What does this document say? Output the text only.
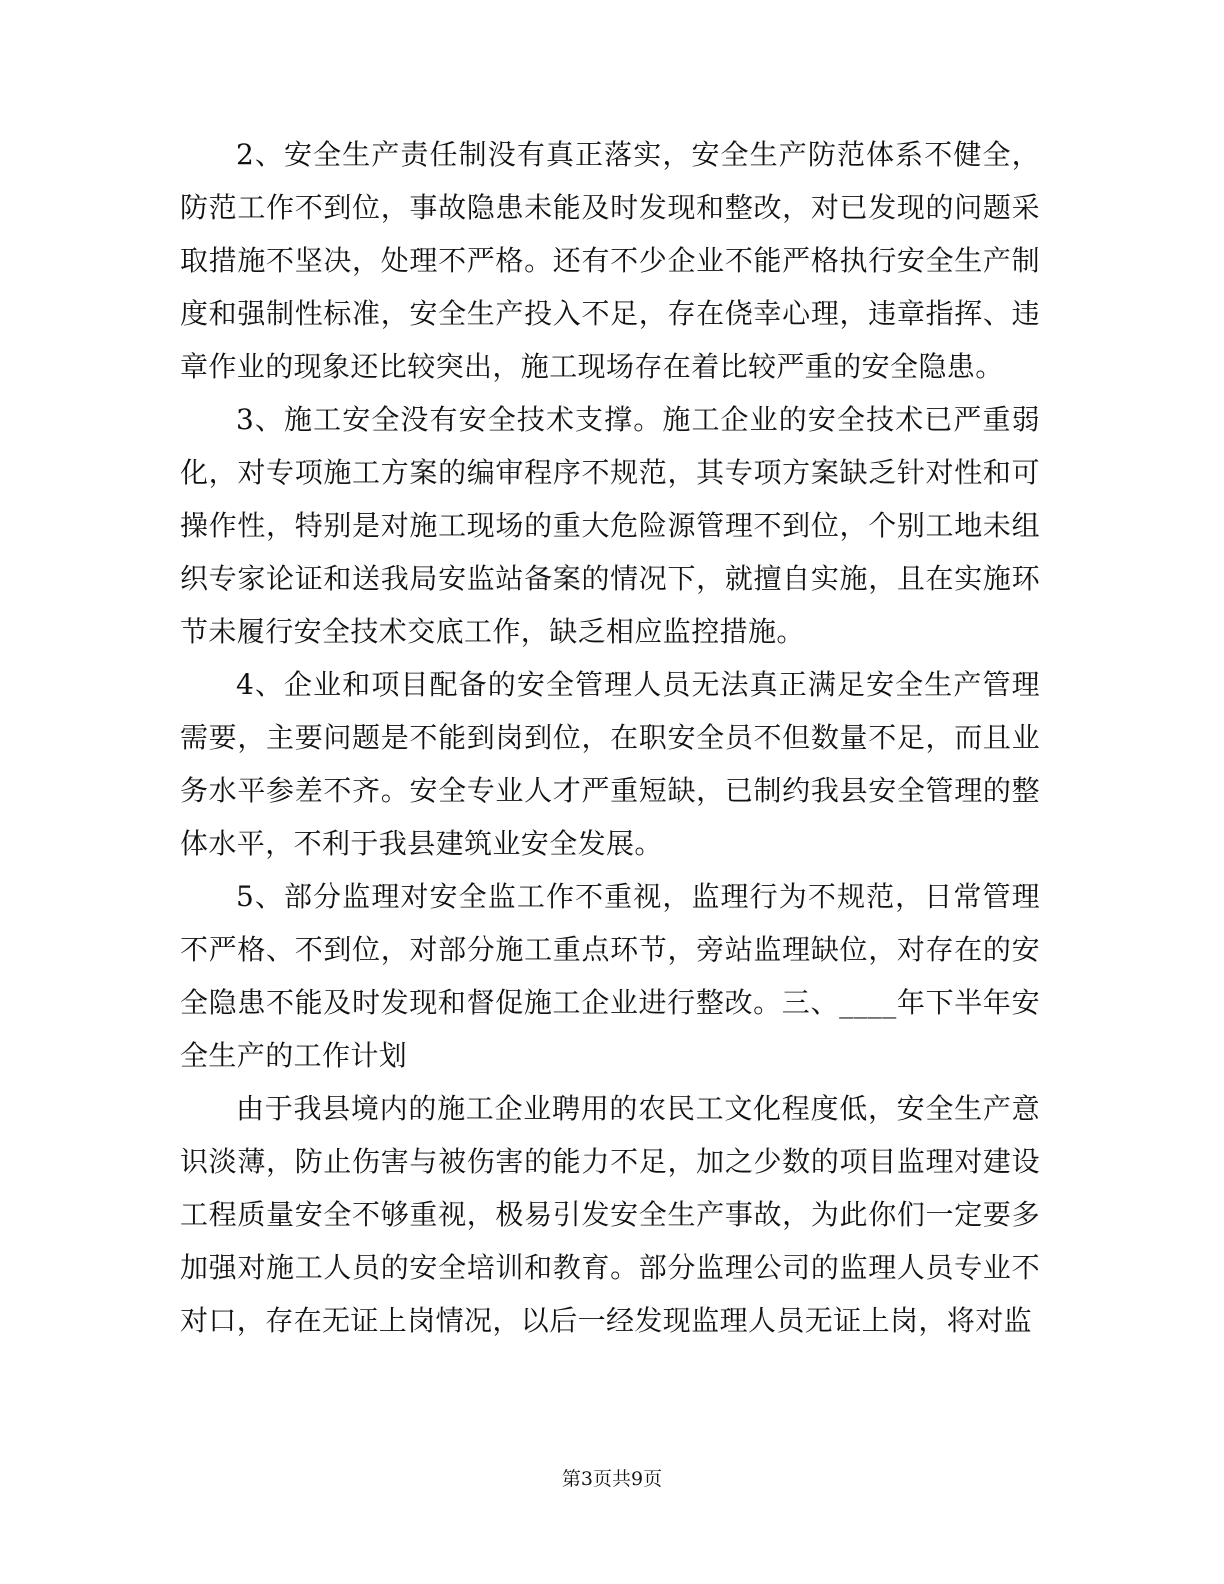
2、安全生产责任制没有真正落实，安全生产防范体系不健全，防范工作不到位，事故隐患未能及时发现和整改，对已发现的问题采取措施不坚决，处理不严格。还有不少企业不能严格执行安全生产制度和强制性标准，安全生产投入不足，存在侥幸心理，违章指挥、违章作业的现象还比较突出，施工现场存在着比较严重的安全隐患。

3、施工安全没有安全技术支撑。施工企业的安全技术已严重弱化，对专项施工方案的编审程序不规范，其专项方案缺乏针对性和可操作性，特别是对施工现场的重大危险源管理不到位，个别工地未组织专家论证和送我局安监站备案的情况下，就擅自实施，且在实施环节未履行安全技术交底工作，缺乏相应监控措施。

4、企业和项目配备的安全管理人员无法真正满足安全生产管理需要，主要问题是不能到岗到位，在职安全员不但数量不足，而且业务水平参差不齐。安全专业人才严重短缺，已制约我县安全管理的整体水平，不利于我县建筑业安全发展。

5、部分监理对安全监工作不重视，监理行为不规范，日常管理不严格、不到位，对部分施工重点环节，旁站监理缺位，对存在的安全隐患不能及时发现和督促施工企业进行整改。三、____年下半年安全生产的工作计划

由于我县境内的施工企业聘用的农民工文化程度低，安全生产意识淡薄，防止伤害与被伤害的能力不足，加之少数的项目监理对建设工程质量安全不够重视，极易引发安全生产事故，为此你们一定要多加强对施工人员的安全培训和教育。部分监理公司的监理人员专业不对口，存在无证上岗情况，以后一经发现监理人员无证上岗，将对监

第3页共9页
